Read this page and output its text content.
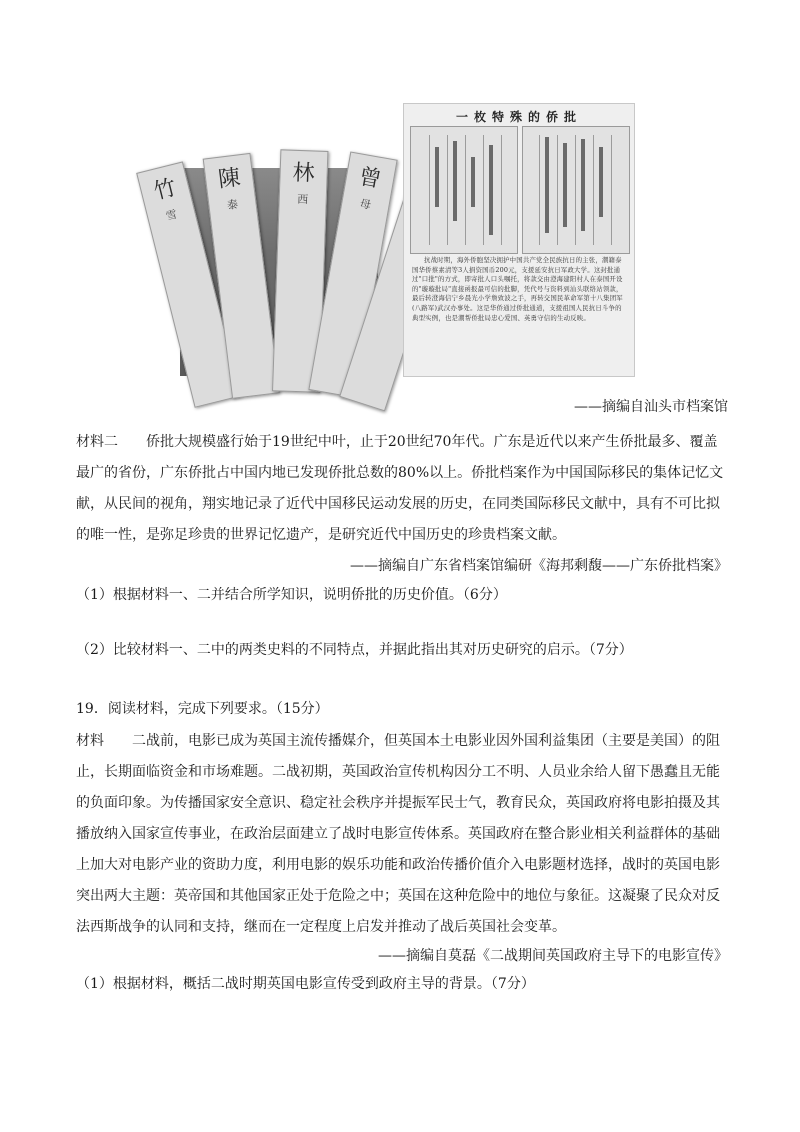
竹
雪
陳
泰
林
西
曾
母
一枚特殊的侨批
抗战时期，海外侨胞坚决拥护中国共产党全民族抗日的主张，潮籍泰国华侨蔡素清等3人捐资国币200元，支援延安抗日军政大学。这封批通过"口批"的方式，即寄批人口头嘱托，将款交由澄海建阳村人在泰国开设的"璇璇批局"直接函报最可信的批脚，凭代号与资料到汕头联络站领款，最后转澄海信宁乡晨光小学詹致波之手，再转交国民革命军第十八集团军(八路军)武汉办事处。这是华侨通过侨批通道，支援祖国人民抗日斗争的典型实例，也是潮帮侨批局忠心爱国、英勇守信的生动反映。
——摘编自汕头市档案馆
材料二　　侨批大规模盛行始于19世纪中叶，止于20世纪70年代。广东是近代以来产生侨批最多、覆盖
最广的省份，广东侨批占中国内地已发现侨批总数的80%以上。侨批档案作为中国国际移民的集体记忆文
献，从民间的视角，翔实地记录了近代中国移民运动发展的历史，在同类国际移民文献中，具有不可比拟
的唯一性，是弥足珍贵的世界记忆遗产，是研究近代中国历史的珍贵档案文献。
——摘编自广东省档案馆编研《海邦剩馥——广东侨批档案》
（1）根据材料一、二并结合所学知识，说明侨批的历史价值。（6分）
（2）比较材料一、二中的两类史料的不同特点，并据此指出其对历史研究的启示。（7分）
19．阅读材料，完成下列要求。（15分）
材料　　二战前，电影已成为英国主流传播媒介，但英国本土电影业因外国利益集团（主要是美国）的阻
止，长期面临资金和市场难题。二战初期，英国政治宣传机构因分工不明、人员业余给人留下愚蠢且无能
的负面印象。为传播国家安全意识、稳定社会秩序并提振军民士气，教育民众，英国政府将电影拍摄及其
播放纳入国家宣传事业，在政治层面建立了战时电影宣传体系。英国政府在整合影业相关利益群体的基础
上加大对电影产业的资助力度，利用电影的娱乐功能和政治传播价值介入电影题材选择，战时的英国电影
突出两大主题：英帝国和其他国家正处于危险之中；英国在这种危险中的地位与象征。这凝聚了民众对反
法西斯战争的认同和支持，继而在一定程度上启发并推动了战后英国社会变革。
——摘编自莫磊《二战期间英国政府主导下的电影宣传》
（1）根据材料，概括二战时期英国电影宣传受到政府主导的背景。（7分）
